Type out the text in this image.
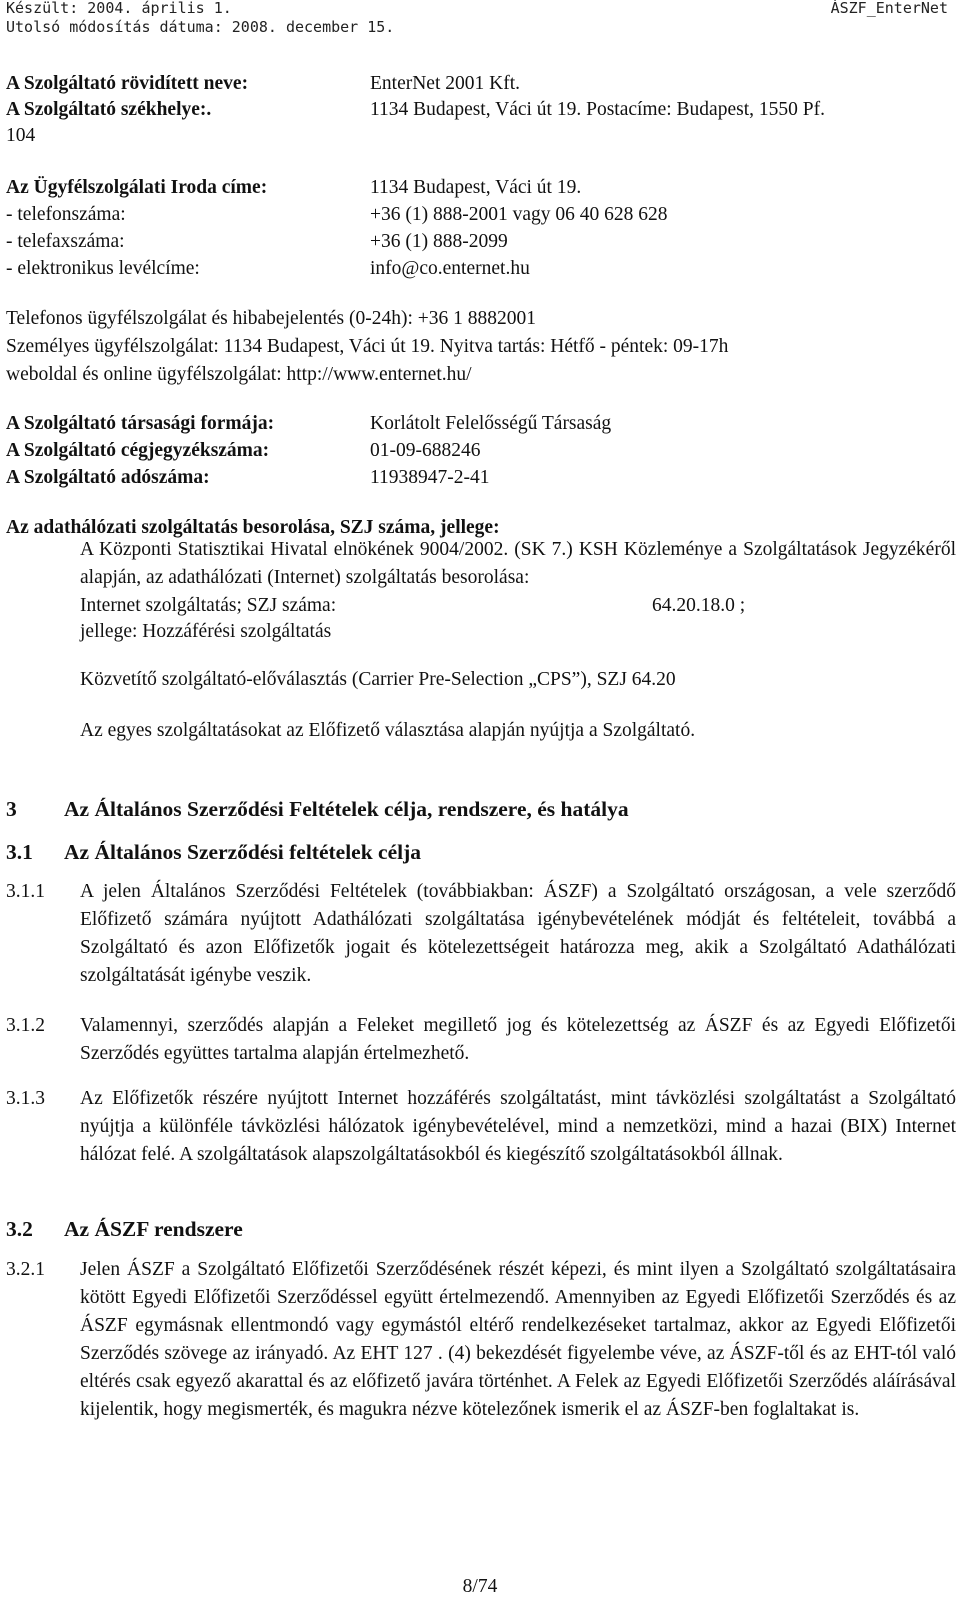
Készült: 2004. április 1.
Utolsó módosítás dátuma: 2008. december 15.
ÁSZF_EnterNet
A Szolgáltató rövidített neve:	EnterNet 2001 Kft.
A Szolgáltató székhelye:.	1134 Budapest, Váci út 19. Postacíme: Budapest, 1550 Pf.
104
Az Ügyfélszolgálati Iroda címe:	1134 Budapest, Váci út 19.
- telefonszáma:	+36 (1) 888-2001 vagy 06 40 628 628
- telefaxszáma:	+36 (1) 888-2099
- elektronikus levélcíme:	info@co.enternet.hu
Telefonos ügyfélszolgálat és hibabejelentés (0-24h): +36 1 8882001
Személyes ügyfélszolgálat: 1134 Budapest, Váci út 19. Nyitva tartás: Hétfő - péntek: 09-17h
weboldal és online ügyfélszolgálat: http://www.enternet.hu/
A Szolgáltató társasági formája:	Korlátolt Felelősségű Társaság
A Szolgáltató cégjegyzékszáma:	01-09-688246
A Szolgáltató adószáma:	11938947-2-41
Az adathálózati szolgáltatás besorolása, SZJ száma, jellege:
A Központi Statisztikai Hivatal elnökének 9004/2002. (SK 7.) KSH Közleménye a Szolgáltatások Jegyzékéről alapján, az adathálózati (Internet) szolgáltatás besorolása:
Internet szolgáltatás; SZJ száma:	64.20.18.0 ;
jellege: Hozzáférési szolgáltatás
Közvetítő szolgáltató-előválasztás (Carrier Pre-Selection „CPS”), SZJ 64.20
Az egyes szolgáltatásokat az Előfizető választása alapján nyújtja a Szolgáltató.
3 Az Általános Szerződési Feltételek célja, rendszere, és hatálya
3.1 Az Általános Szerződési feltételek célja
3.1.1 A jelen Általános Szerződési Feltételek (továbbiakban: ÁSZF) a Szolgáltató országosan, a vele szerződő Előfizető számára nyújtott Adathálózati szolgáltatása igénybevételének módját és feltételeit, továbbá a Szolgáltató és azon Előfizetők jogait és kötelezettségeit határozza meg, akik a Szolgáltató Adathálózati szolgáltatását igénybe veszik.
3.1.2 Valamennyi, szerződés alapján a Feleket megillető jog és kötelezettség az ÁSZF és az Egyedi Előfizetői Szerződés együttes tartalma alapján értelmezhető.
3.1.3 Az Előfizetők részére nyújtott Internet hozzáférés szolgáltatást, mint távközlési szolgáltatást a Szolgáltató nyújtja a különféle távközlési hálózatok igénybevételével, mind a nemzetközi, mind a hazai (BIX) Internet hálózat felé. A szolgáltatások alapszolgáltatásokból és kiegészítő szolgáltatásokból állnak.
3.2 Az ÁSZF rendszere
3.2.1 Jelen ÁSZF a Szolgáltató Előfizetői Szerződésének részét képezi, és mint ilyen a Szolgáltató szolgáltatásaira kötött Egyedi Előfizetői Szerződéssel együtt értelmezendő. Amennyiben az Egyedi Előfizetői Szerződés és az ÁSZF egymásnak ellentmondó vagy egymástól eltérő rendelkezéseket tartalmaz, akkor az Egyedi Előfizetői Szerződés szövege az irányadó. Az EHT 127 . (4) bekezdését figyelembe véve, az ÁSZF-től és az EHT-tól való eltérés csak egyező akarattal és az előfizető javára történhet. A Felek az Egyedi Előfizetői Szerződés aláírásával kijelentik, hogy megismerték, és magukra nézve kötelezőnek ismerik el az ÁSZF-ben foglaltakat is.
8/74
